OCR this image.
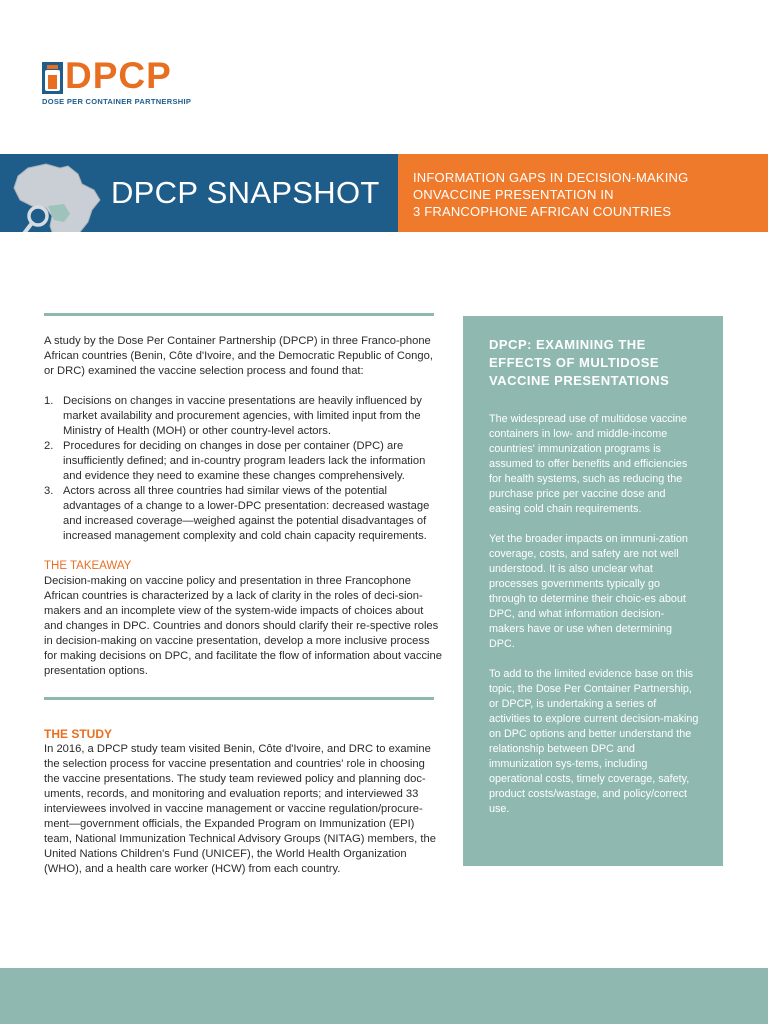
DPCP
DOSE PER CONTAINER PARTNERSHIP
DPCP SNAPSHOT	INFORMATION GAPS IN DECISION-MAKING
ONVACCINE PRESENTATION IN
3 FRANCOPHONE AFRICAN COUNTRIES

A study by the Dose Per Container Partnership (DPCP) in three Franco-phone African countries (Benin, Côte d'Ivoire, and the Democratic Republic of Congo, or DRC) examined the vaccine selection process and found that:

1. Decisions on changes in vaccine presentations are heavily influenced by market availability and procurement agencies, with limited input from the Ministry of Health (MOH) or other country-level actors.
2. Procedures for deciding on changes in dose per container (DPC) are insufficiently defined; and in-country program leaders lack the information and evidence they need to examine these changes comprehensively.
3. Actors across all three countries had similar views of the potential advantages of a change to a lower-DPC presentation: decreased wastage and increased coverage—weighed against the potential disadvantages of increased management complexity and cold chain capacity requirements.
THE TAKEAWAY

Decision-making on vaccine policy and presentation in three Francophone African countries is characterized by a lack of clarity in the roles of deci-sion-makers and an incomplete view of the system-wide impacts of choices about and changes in DPC. Countries and donors should clarify their re-spective roles in decision-making on vaccine presentation, develop a more inclusive process for making decisions on DPC, and facilitate the flow of information about vaccine presentation options.

THE STUDY

In 2016, a DPCP study team visited Benin, Côte d'Ivoire, and DRC to examine the selection process for vaccine presentation and countries' role in choosing the vaccine presentations. The study team reviewed policy and planning doc-uments, records, and monitoring and evaluation reports; and interviewed 33 interviewees involved in vaccine management or vaccine regulation/procure-ment—government officials, the Expanded Program on Immunization (EPI) team, National Immunization Technical Advisory Groups (NITAG) members, the United Nations Children's Fund (UNICEF), the World Health Organization (WHO), and a health care worker (HCW) from each country.

DPCP: EXAMINING THE EFFECTS OF MULTIDOSE VACCINE PRESENTATIONS

The widespread use of multidose vaccine containers in low- and middle-income countries' immunization programs is assumed to offer benefits and efficiencies for health systems, such as reducing the purchase price per vaccine dose and easing cold chain requirements.

Yet the broader impacts on immuni-zation coverage, costs, and safety are not well understood. It is also unclear what processes governments typically go through to determine their choic-es about DPC, and what information decision-makers have or use when determining DPC.

To add to the limited evidence base on this topic, the Dose Per Container Partnership, or DPCP, is undertaking a series of activities to explore current decision-making on DPC options and better understand the relationship between DPC and immunization sys-tems, including operational costs, timely coverage, safety, product costs/wastage, and policy/correct use.
